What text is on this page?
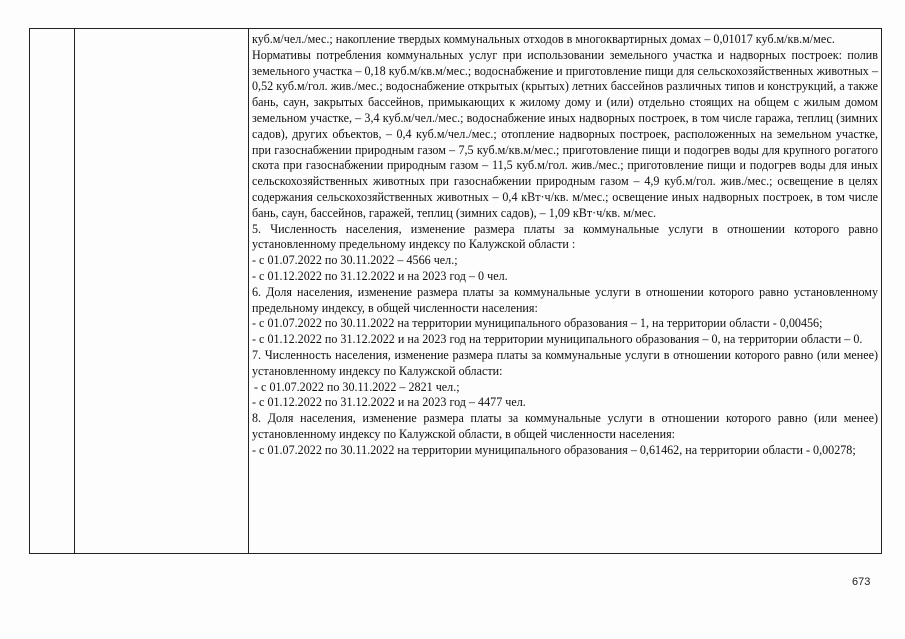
куб.м/чел./мес.; накопление твердых коммунальных отходов в многоквартирных домах – 0,01017 куб.м/кв.м/мес.

Нормативы потребления коммунальных услуг при использовании земельного участка и надворных построек: полив земельного участка – 0,18 куб.м/кв.м/мес.; водоснабжение и приготовление пищи для сельскохозяйственных животных – 0,52 куб.м/гол. жив./мес.; водоснабжение открытых (крытых) летних бассейнов различных типов и конструкций, а также бань, саун, закрытых бассейнов, примыкающих к жилому дому и (или) отдельно стоящих на общем с жилым домом земельном участке, – 3,4 куб.м/чел./мес.; водоснабжение иных надворных построек, в том числе гаража, теплиц (зимних садов), других объектов, – 0,4 куб.м/чел./мес.; отопление надворных построек, расположенных на земельном участке, при газоснабжении природным газом – 7,5 куб.м/кв.м/мес.; приготовление пищи и подогрев воды для крупного рогатого скота при газоснабжении природным газом – 11,5 куб.м/гол. жив./мес.; приготовление пищи и подогрев воды для иных сельскохозяйственных животных при газоснабжении природным газом – 4,9 куб.м/гол. жив./мес.; освещение в целях содержания сельскохозяйственных животных – 0,4 кВт·ч/кв. м/мес.; освещение иных надворных построек, в том числе бань, саун, бассейнов, гаражей, теплиц (зимних садов), – 1,09 кВт·ч/кв. м/мес.

5. Численность населения, изменение размера платы за коммунальные услуги в отношении которого равно установленному предельному индексу по Калужской области :

- с 01.07.2022 по 30.11.2022 – 4566 чел.;

- с 01.12.2022 по 31.12.2022 и на 2023 год – 0 чел.

6. Доля населения, изменение размера платы за коммунальные услуги в отношении которого равно установленному предельному индексу, в общей численности населения:

- с 01.07.2022 по 30.11.2022 на территории муниципального образования – 1, на территории области - 0,00456;

- с 01.12.2022 по 31.12.2022 и на 2023 год на территории муниципального образования – 0, на территории области – 0.

7. Численность населения, изменение размера платы за коммунальные услуги в отношении которого равно (или менее) установленному индексу по Калужской области:

- с 01.07.2022 по 30.11.2022 – 2821 чел.;

- с 01.12.2022 по 31.12.2022 и на 2023 год – 4477 чел.

8. Доля населения, изменение размера платы за коммунальные услуги в отношении которого равно (или менее) установленному индексу по Калужской области, в общей численности населения:

- с 01.07.2022 по 30.11.2022 на территории муниципального образования – 0,61462, на территории области - 0,00278;

673
